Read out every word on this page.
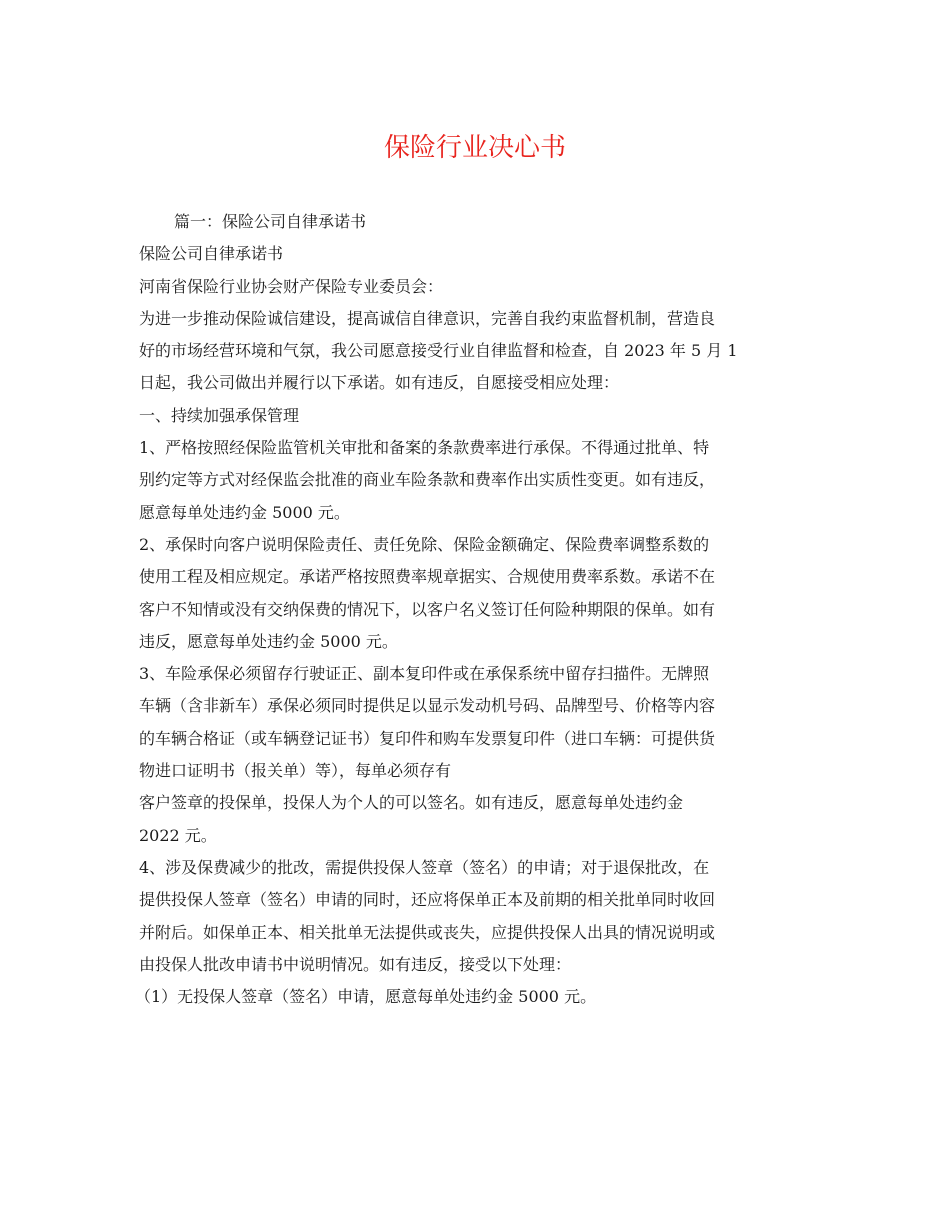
保险行业决心书

篇一：保险公司自律承诺书

保险公司自律承诺书

河南省保险行业协会财产保险专业委员会：

为进一步推动保险诚信建设，提高诚信自律意识，完善自我约束监督机制，营造良

好的市场经营环境和气氛，我公司愿意接受行业自律监督和检查，自 2023 年 5 月 1

日起，我公司做出并履行以下承诺。如有违反，自愿接受相应处理：

一、持续加强承保管理

1、严格按照经保险监管机关审批和备案的条款费率进行承保。不得通过批单、特

别约定等方式对经保监会批准的商业车险条款和费率作出实质性变更。如有违反，

愿意每单处违约金 5000 元。

2、承保时向客户说明保险责任、责任免除、保险金额确定、保险费率调整系数的

使用工程及相应规定。承诺严格按照费率规章据实、合规使用费率系数。承诺不在

客户不知情或没有交纳保费的情况下，以客户名义签订任何险种期限的保单。如有

违反，愿意每单处违约金 5000 元。

3、车险承保必须留存行驶证正、副本复印件或在承保系统中留存扫描件。无牌照

车辆（含非新车）承保必须同时提供足以显示发动机号码、品牌型号、价格等内容

的车辆合格证（或车辆登记证书）复印件和购车发票复印件（进口车辆：可提供货

物进口证明书（报关单）等），每单必须存有

客户签章的投保单，投保人为个人的可以签名。如有违反，愿意每单处违约金

2022 元。

4、涉及保费减少的批改，需提供投保人签章（签名）的申请；对于退保批改，在

提供投保人签章（签名）申请的同时，还应将保单正本及前期的相关批单同时收回

并附后。如保单正本、相关批单无法提供或丧失，应提供投保人出具的情况说明或

由投保人批改申请书中说明情况。如有违反，接受以下处理：

（1）无投保人签章（签名）申请，愿意每单处违约金 5000 元。
